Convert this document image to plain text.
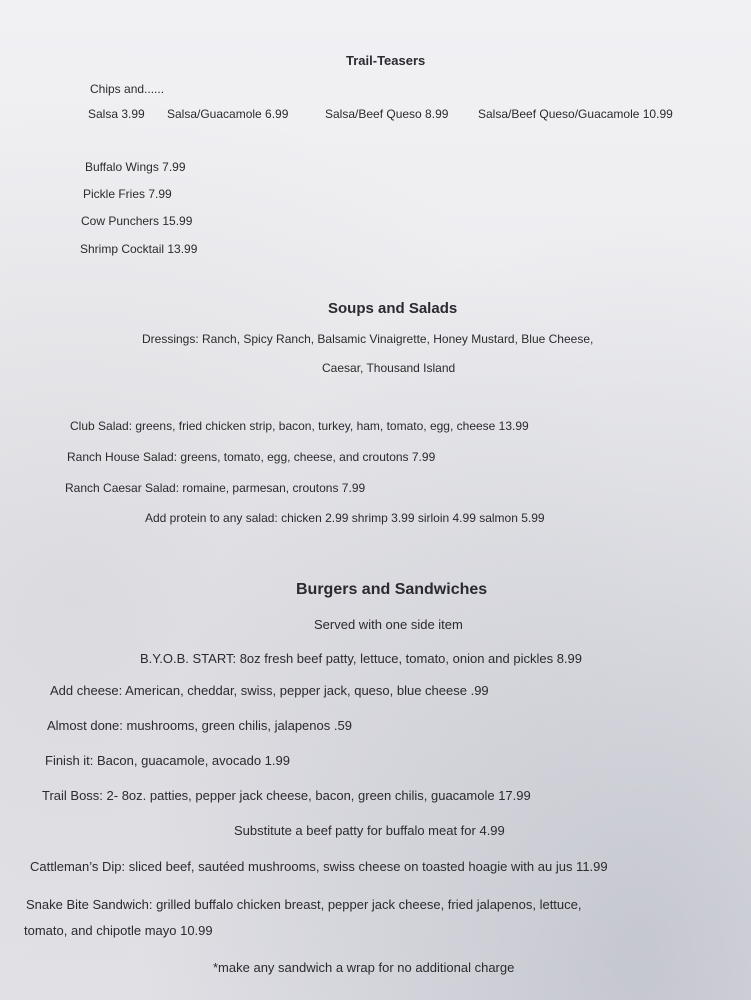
Trail-Teasers

Chips and......

Salsa 3.99 Salsa/Guacamole 6.99	Salsa/Beef Queso 8.99 Salsa/Beef Queso/Guacamole 10.99

Buffalo Wings 7.99

Pickle Fries 7.99

Cow Punchers 15.99

Shrimp Cocktail 13.99

Soups and Salads

Dressings: Ranch, Spicy Ranch, Balsamic Vinaigrette, Honey Mustard, Blue Cheese,

Caesar, Thousand Island

Club Salad: greens, fried chicken strip, bacon, turkey, ham, tomato, egg, cheese 13.99

Ranch House Salad: greens, tomato, egg, cheese, and croutons 7.99

Ranch Caesar Salad: romaine, parmesan, croutons 7.99

Add protein to any salad: chicken 2.99 shrimp 3.99 sirloin 4.99 salmon 5.99

Burgers and Sandwiches

Served with one side item

B.Y.O.B. START: 8oz fresh beef patty, lettuce, tomato, onion and pickles 8.99

Add cheese: American, cheddar, swiss, pepper jack, queso, blue cheese .99

Almost done: mushrooms, green chilis, jalapenos .59

Finish it: Bacon, guacamole, avocado 1.99

Trail Boss: 2- 8oz. patties, pepper jack cheese, bacon, green chilis, guacamole 17.99

Substitute a beef patty for buffalo meat for 4.99

Cattleman’s Dip: sliced beef, sautéed mushrooms, swiss cheese on toasted hoagie with au jus 11.99

Snake Bite Sandwich: grilled buffalo chicken breast, pepper jack cheese, fried jalapenos, lettuce,

tomato, and chipotle mayo 10.99

*make any sandwich a wrap for no additional charge
